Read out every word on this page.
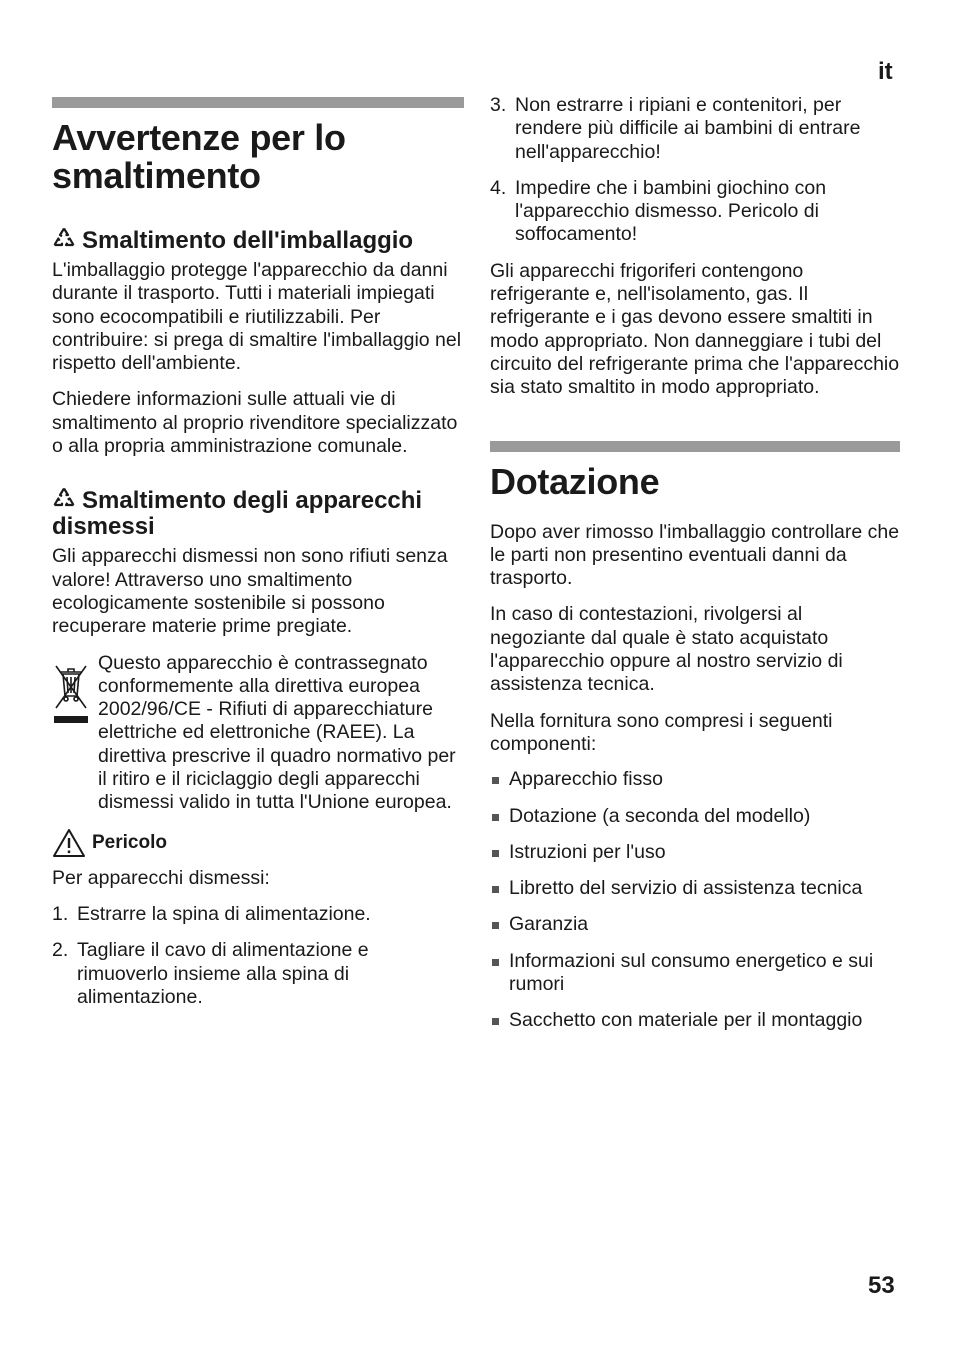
it
Avvertenze per lo smaltimento
Smaltimento dell'imballaggio

L'imballaggio protegge l'apparecchio da danni durante il trasporto. Tutti i materiali impiegati sono ecocompatibili e riutilizzabili. Per contribuire: si prega di smaltire l'imballaggio nel rispetto dell'ambiente.

Chiedere informazioni sulle attuali vie di smaltimento al proprio rivenditore specializzato o alla propria amministrazione comunale.

Smaltimento degli apparecchi dismessi

Gli apparecchi dismessi non sono rifiuti senza valore! Attraverso uno smaltimento ecologicamente sostenibile si possono recuperare materie prime pregiate.

Questo apparecchio è contrassegnato conformemente alla direttiva europea 2002/96/CE - Rifiuti di apparecchiature elettriche ed elettroniche (RAEE). La direttiva prescrive il quadro normativo per il ritiro e il riciclaggio degli apparecchi dismessi valido in tutta l'Unione europea.

Pericolo

Per apparecchi dismessi:

1. Estrarre la spina di alimentazione.
2. Tagliare il cavo di alimentazione e rimuoverlo insieme alla spina di alimentazione.
3. Non estrarre i ripiani e contenitori, per rendere più difficile ai bambini di entrare nell'apparecchio!
4. Impedire che i bambini giochino con l'apparecchio dismesso. Pericolo di soffocamento!

Gli apparecchi frigoriferi contengono refrigerante e, nell'isolamento, gas. Il refrigerante e i gas devono essere smaltiti in modo appropriato. Non danneggiare i tubi del circuito del refrigerante prima che l'apparecchio sia stato smaltito in modo appropriato.

Dotazione

Dopo aver rimosso l'imballaggio controllare che le parti non presentino eventuali danni da trasporto.

In caso di contestazioni, rivolgersi al negoziante dal quale è stato acquistato l'apparecchio oppure al nostro servizio di assistenza tecnica.

Nella fornitura sono compresi i seguenti componenti:

Apparecchio fisso
Dotazione (a seconda del modello)
Istruzioni per l'uso
Libretto del servizio di assistenza tecnica
Garanzia
Informazioni sul consumo energetico e sui rumori
Sacchetto con materiale per il montaggio
53
